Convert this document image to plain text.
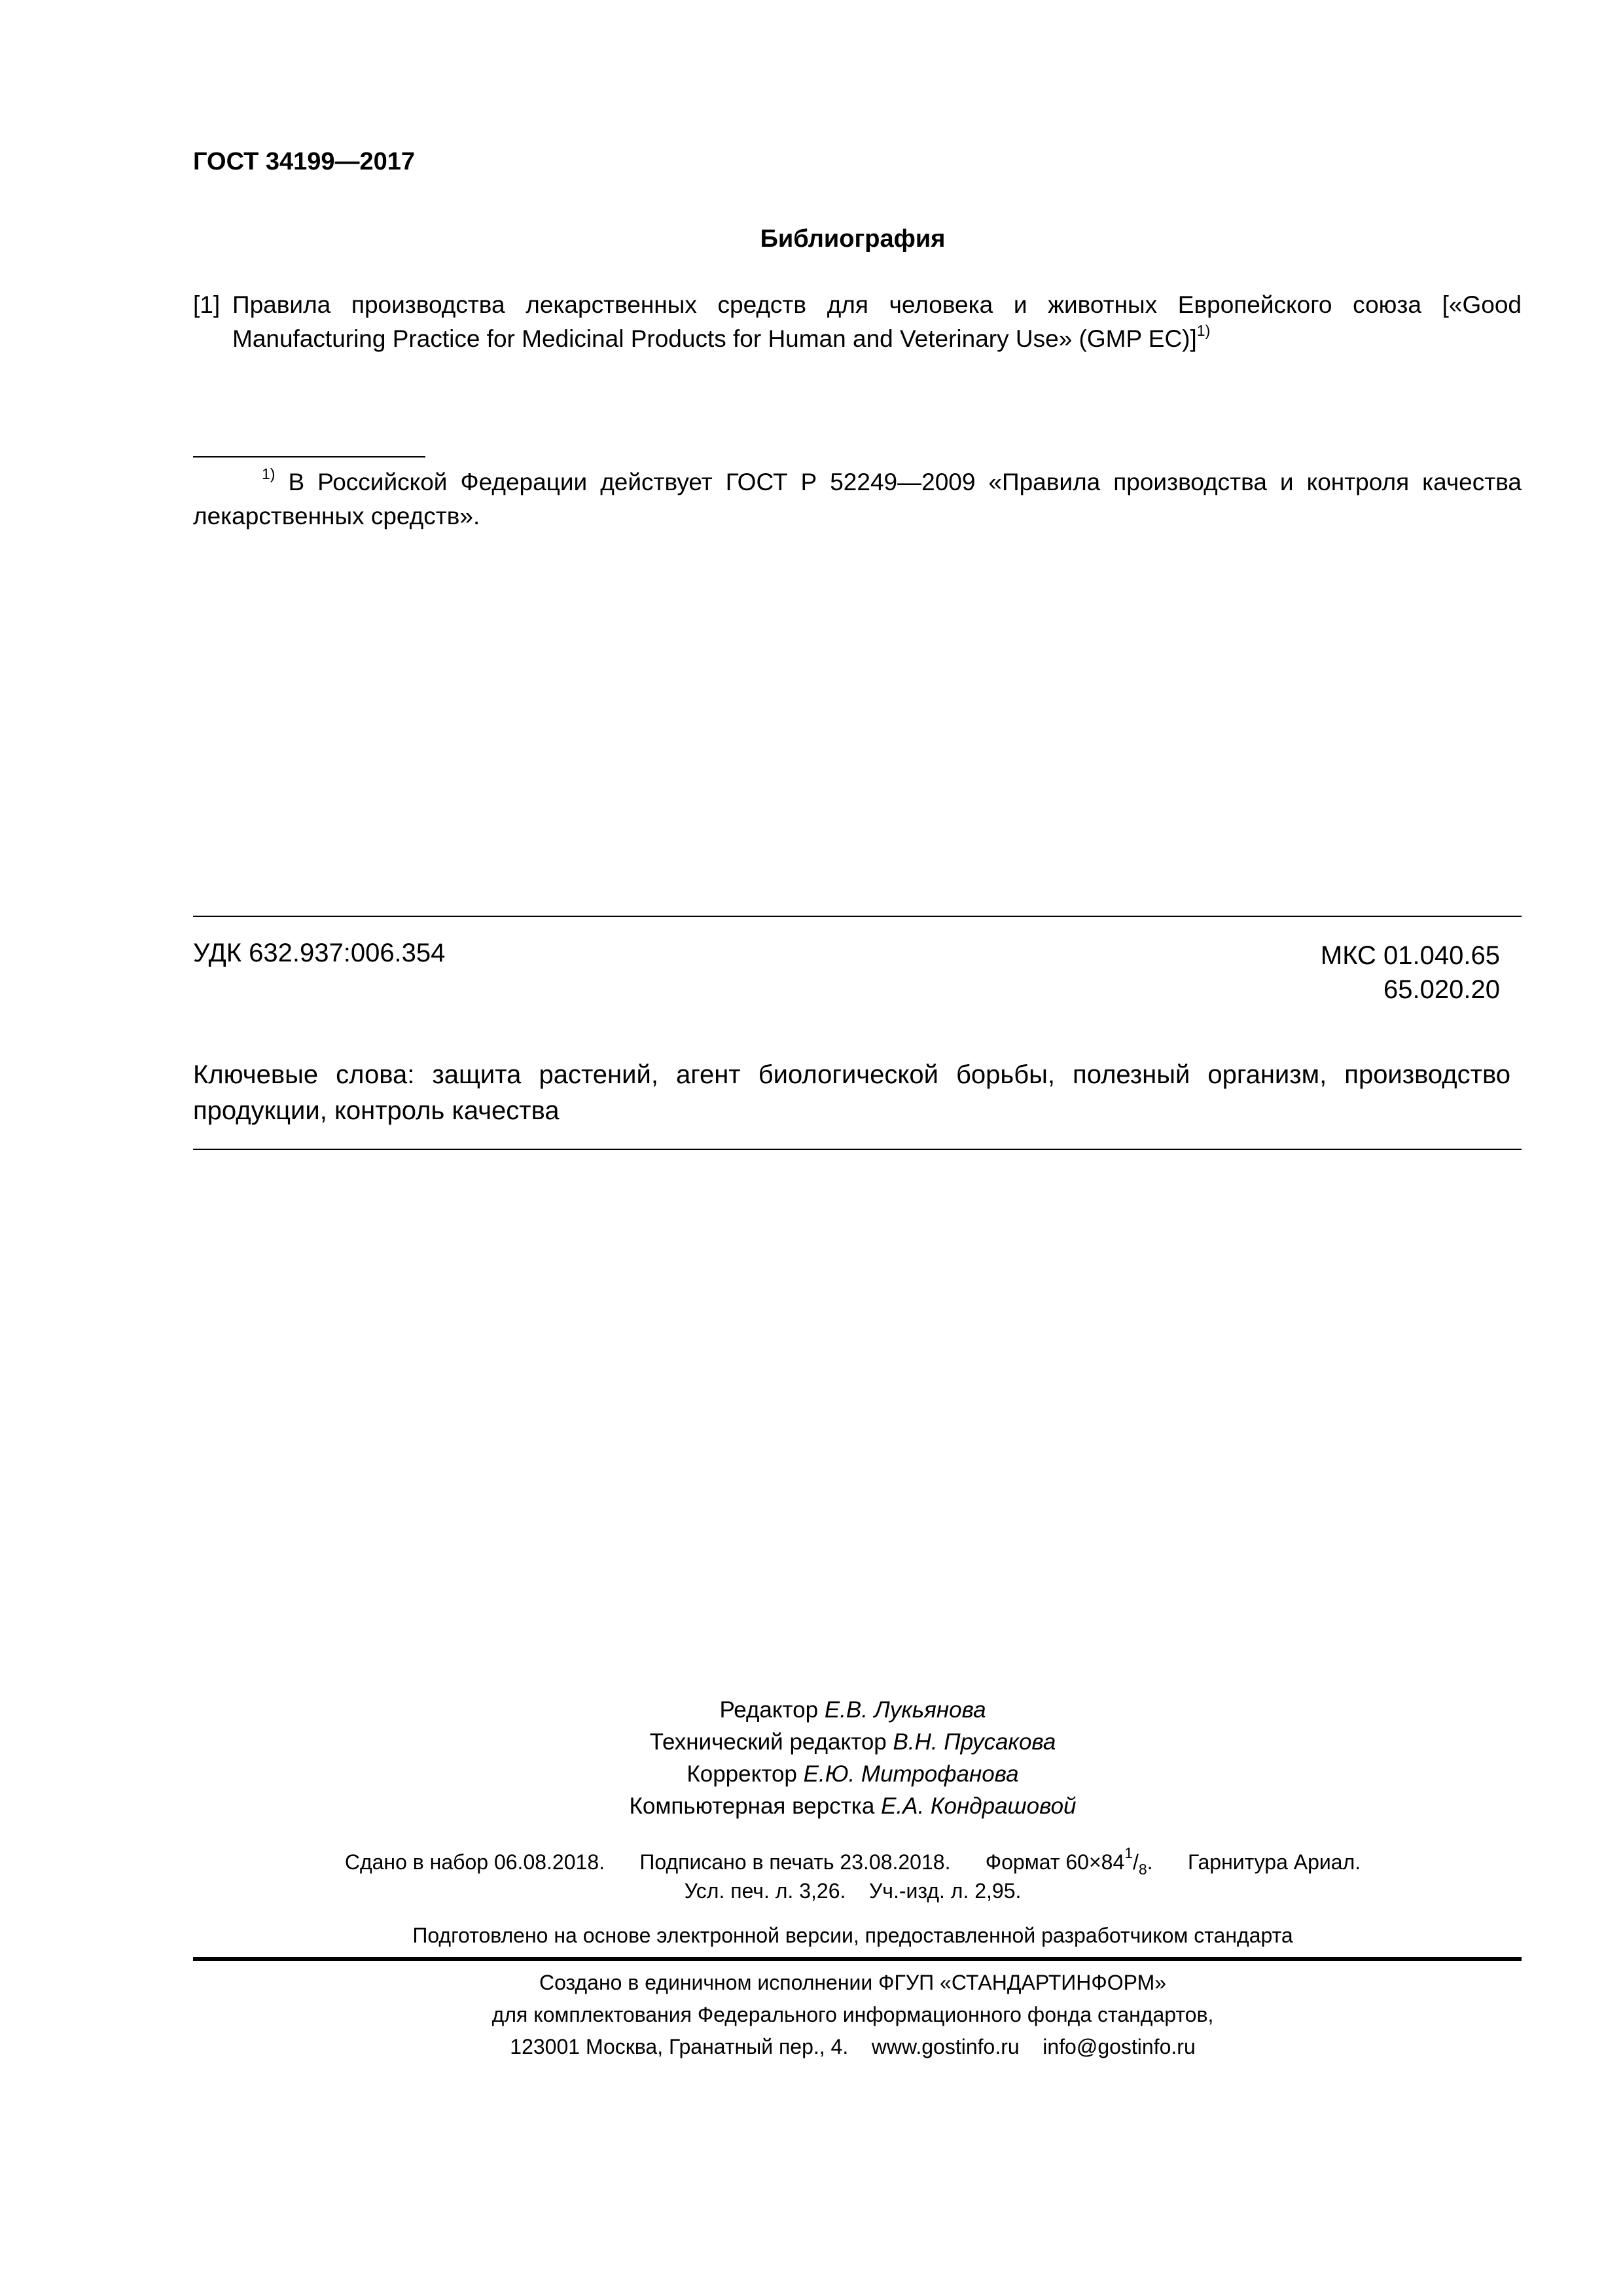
ГОСТ 34199—2017
Библиография
[1] Правила производства лекарственных средств для человека и животных Европейского союза [«Good Manufacturing Practice for Medicinal Products for Human and Veterinary Use» (GMP EC)]$^{1)}$
$^{1)}$ В Российской Федерации действует ГОСТ Р 52249—2009 «Правила производства и контроля качества лекарственных средств».
УДК 632.937:006.354	МКС 01.040.65
65.020.20
Ключевые слова: защита растений, агент биологической борьбы, полезный организм, производство продукции, контроль качества
Редактор Е.В. Лукьянова
Технический редактор В.Н. Прусакова
Корректор Е.Ю. Митрофанова
Компьютерная верстка Е.А. Кондрашовой
Сдано в набор 06.08.2018. Подписано в печать 23.08.2018. Формат $60\times 84^1/_8$. Гарнитура Ариал.
Усл. печ. л. 3,26. Уч.-изд. л. 2,95.
Подготовлено на основе электронной версии, предоставленной разработчиком стандарта
Создано в единичном исполнении ФГУП «СТАНДАРТИНФОРМ»
для комплектования Федерального информационного фонда стандартов,
123001 Москва, Гранатный пер., 4. www.gostinfo.ru info@gostinfo.ru
